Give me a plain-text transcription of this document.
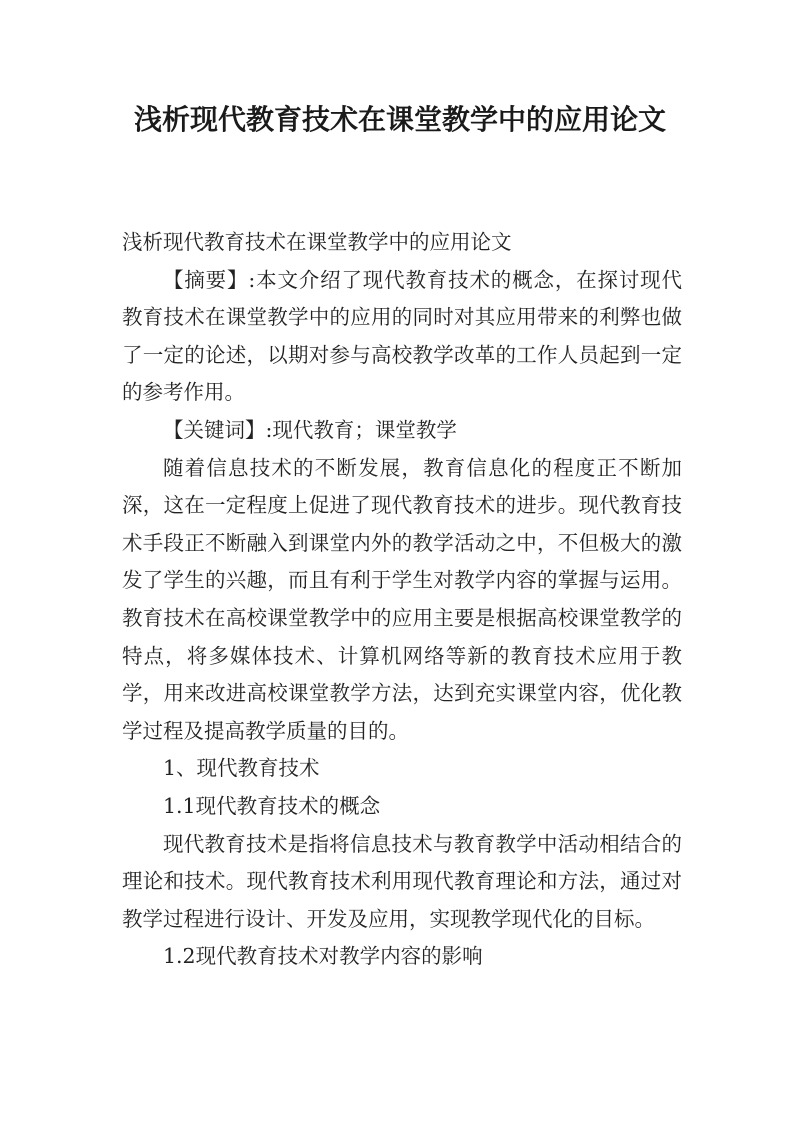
浅析现代教育技术在课堂教学中的应用论文

浅析现代教育技术在课堂教学中的应用论文

【摘要】:本文介绍了现代教育技术的概念，在探讨现代教育技术在课堂教学中的应用的同时对其应用带来的利弊也做了一定的论述，以期对参与高校教学改革的工作人员起到一定的参考作用。

【关键词】:现代教育；课堂教学

随着信息技术的不断发展，教育信息化的程度正不断加深，这在一定程度上促进了现代教育技术的进步。现代教育技术手段正不断融入到课堂内外的教学活动之中，不但极大的激发了学生的兴趣，而且有利于学生对教学内容的掌握与运用。教育技术在高校课堂教学中的应用主要是根据高校课堂教学的特点，将多媒体技术、计算机网络等新的教育技术应用于教学，用来改进高校课堂教学方法，达到充实课堂内容，优化教学过程及提高教学质量的目的。

1、现代教育技术

1.1现代教育技术的概念

现代教育技术是指将信息技术与教育教学中活动相结合的理论和技术。现代教育技术利用现代教育理论和方法，通过对教学过程进行设计、开发及应用，实现教学现代化的目标。

1.2现代教育技术对教学内容的影响
